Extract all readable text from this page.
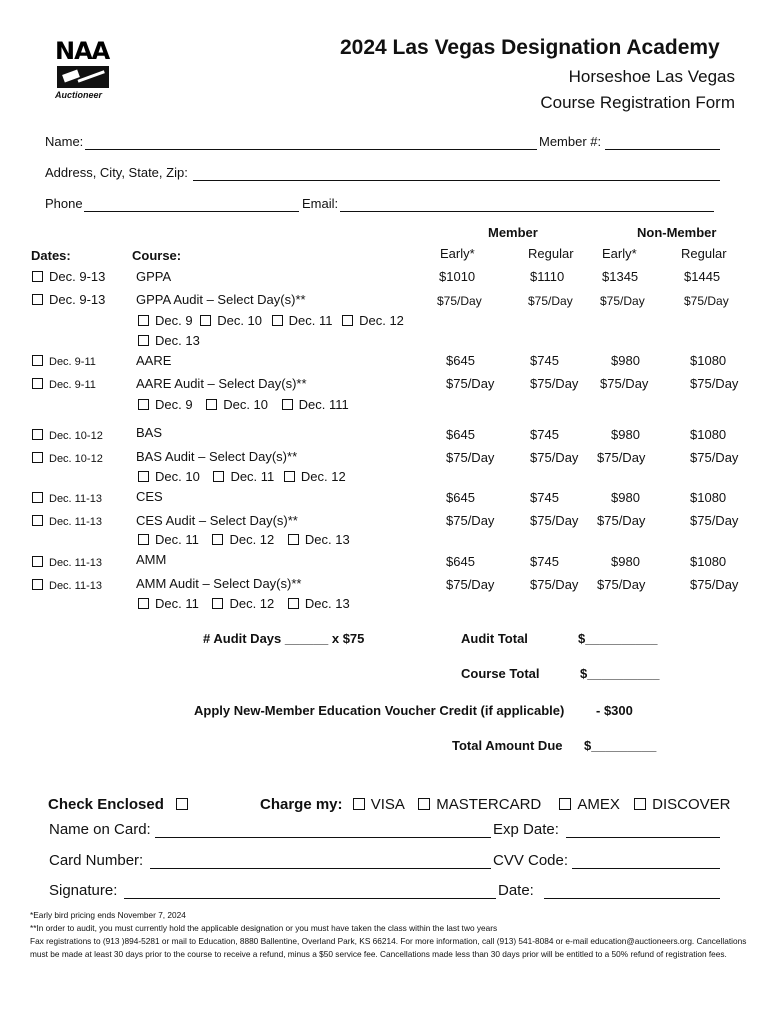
NAA
Auctioneer
2024 Las Vegas Designation Academy
Horseshoe Las Vegas
Course Registration Form
Name:	Member #:
Address, City, State, Zip:
Phone	Email:
Member	Non-Member
Dates:	Course:	Early*	Regular Early*	Regular
Dec. 9-13 GPPA	$1010	$1110	$1345	$1445
Dec. 9-13 GPPA Audit – Select Day(s)**	$75/Day	$75/Day $75/Day	$75/Day
Dec. 9 Dec. 10 Dec. 11 Dec. 12
Dec. 13
Dec. 9-11	AARE	$645	$745	$980	$1080
Dec. 9-11	AARE Audit – Select Day(s)**	$75/Day	$75/Day $75/Day	$75/Day
Dec. 9 Dec. 10 Dec. 111
Dec. 10-12	BAS	$645	$745	$980	$1080
Dec. 10-12	BAS Audit – Select Day(s)**	$75/Day	$75/Day $75/Day	$75/Day
Dec. 10 Dec. 11 Dec. 12
Dec. 11-13	CES	$645	$745	$980	$1080
Dec. 11-13	CES Audit – Select Day(s)**	$75/Day	$75/Day $75/Day	$75/Day
Dec. 11 Dec. 12 Dec. 13
Dec. 11-13	AMM	$645	$745	$980	$1080
Dec. 11-13	AMM Audit – Select Day(s)**	$75/Day	$75/Day $75/Day	$75/Day
Dec. 11 Dec. 12 Dec. 13
# Audit Days ______ x $75	Audit Total	$__________
Course Total	$__________
Apply New-Member Education Voucher Credit (if applicable) - $300
Total Amount Due $_________
Check Enclosed	Charge my: VISA MASTERCARD AMEX DISCOVER
Name on Card:	Exp Date:
Card Number:	CVV Code:
Signature:	Date:
*Early bird pricing ends November 7, 2024
**In order to audit, you must currently hold the applicable designation or you must have taken the class within the last two years
Fax registrations to (913 )894-5281 or mail to Education, 8880 Ballentine, Overland Park, KS 66214. For more information, call (913) 541-8084 or e-mail education@auctioneers.org. Cancellations must be made at least 30 days prior to the course to receive a refund, minus a $50 service fee. Cancellations made less than 30 days prior will be entitled to a 50% refund of registration fees.
